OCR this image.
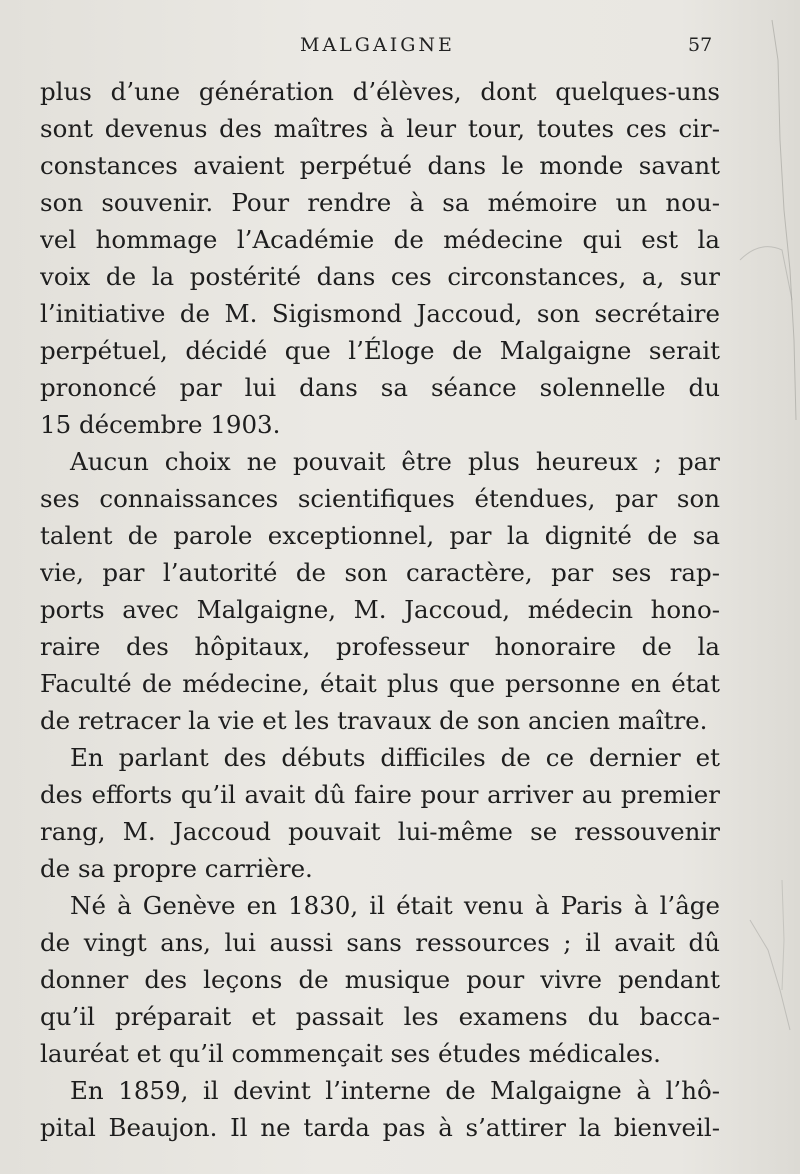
MALGAIGNE	57
plus d’une génération d’élèves, dont quelques-uns
sont devenus des maîtres à leur tour, toutes ces cir-
constances avaient perpétué dans le monde savant
son souvenir. Pour rendre à sa mémoire un nou-
vel hommage l’Académie de médecine qui est la
voix de la postérité dans ces circonstances, a, sur
l’initiative de M. Sigismond Jaccoud, son secrétaire
perpétuel, décidé que l’Éloge de Malgaigne serait
prononcé par lui dans sa séance solennelle du
15 décembre 1903.
Aucun choix ne pouvait être plus heureux ; par
ses connaissances scientifiques étendues, par son
talent de parole exceptionnel, par la dignité de sa
vie, par l’autorité de son caractère, par ses rap-
ports avec Malgaigne, M. Jaccoud, médecin hono-
raire des hôpitaux, professeur honoraire de la
Faculté de médecine, était plus que personne en état
de retracer la vie et les travaux de son ancien maître.
En parlant des débuts difficiles de ce dernier et
des efforts qu’il avait dû faire pour arriver au premier
rang, M. Jaccoud pouvait lui-même se ressouvenir
de sa propre carrière.
Né à Genève en 1830, il était venu à Paris à l’âge
de vingt ans, lui aussi sans ressources ; il avait dû
donner des leçons de musique pour vivre pendant
qu’il préparait et passait les examens du bacca-
lauréat et qu’il commençait ses études médicales.
En 1859, il devint l’interne de Malgaigne à l’hô-
pital Beaujon. Il ne tarda pas à s’attirer la bienveil-
